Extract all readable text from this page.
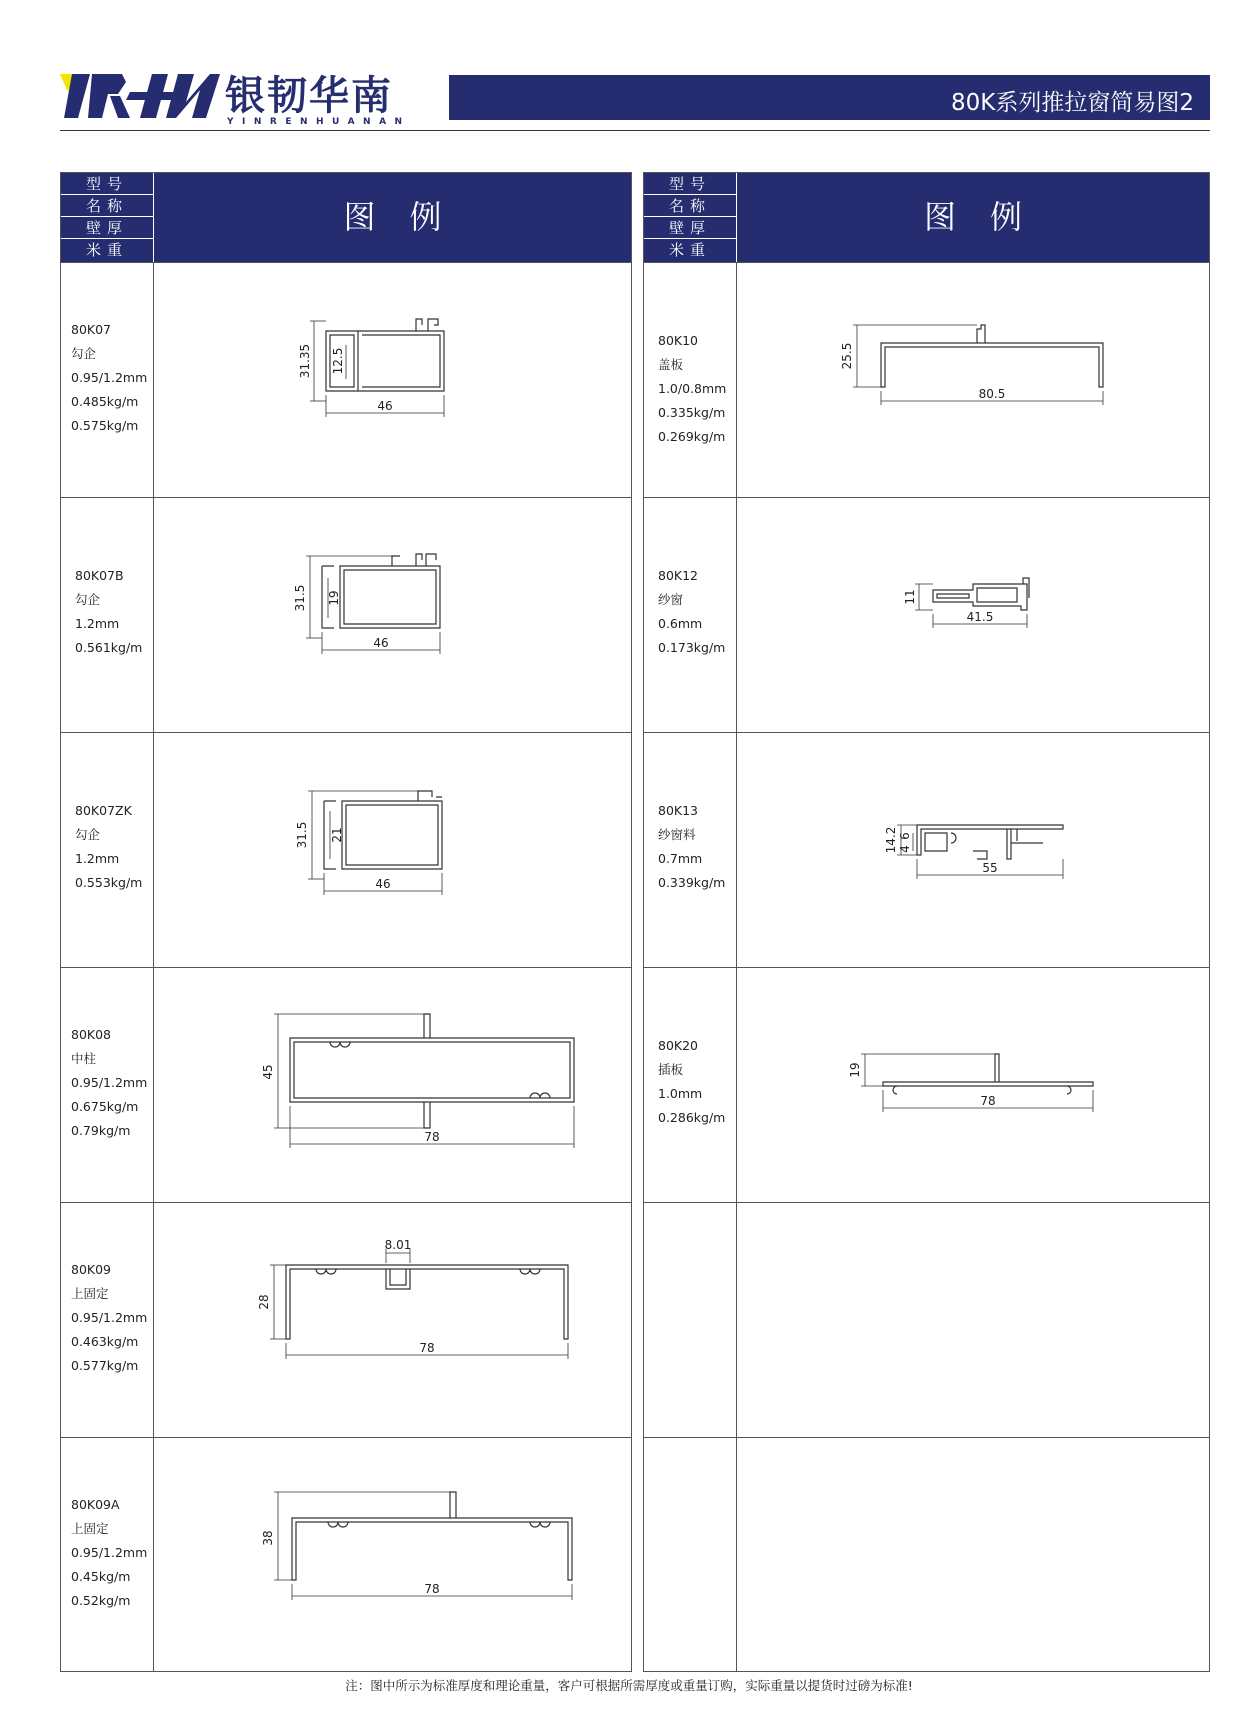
银韧华南
YINRENHUANAN
80K系列推拉窗简易图2
型号
名称
壁厚
米重
图例
80K07
勾企
0.95/1.2mm
0.485kg/m
0.575kg/m
31.35 12.5
46
80K07B
勾企
1.2mm
0.561kg/m
31.5 19
46
80K07ZK
勾企
1.2mm
0.553kg/m
31.5 21
46
80K08
中柱
0.95/1.2mm
0.675kg/m
0.79kg/m
45
78
80K09
上固定
0.95/1.2mm
0.463kg/m
0.577kg/m
8.01
28
78
80K09A
上固定
0.95/1.2mm
0.45kg/m
0.52kg/m
38
78
型号
名称
壁厚
米重
图例
80K10
盖板
1.0/0.8mm
0.335kg/m
0.269kg/m
25.5
80.5
80K12
纱窗
0.6mm
0.173kg/m
11
41.5
80K13
纱窗料
0.7mm
0.339kg/m
14.2 6
4
55
80K20
插板
1.0mm
0.286kg/m
19
78
注：图中所示为标准厚度和理论重量，客户可根据所需厚度或重量订购，实际重量以提货时过磅为标准!
